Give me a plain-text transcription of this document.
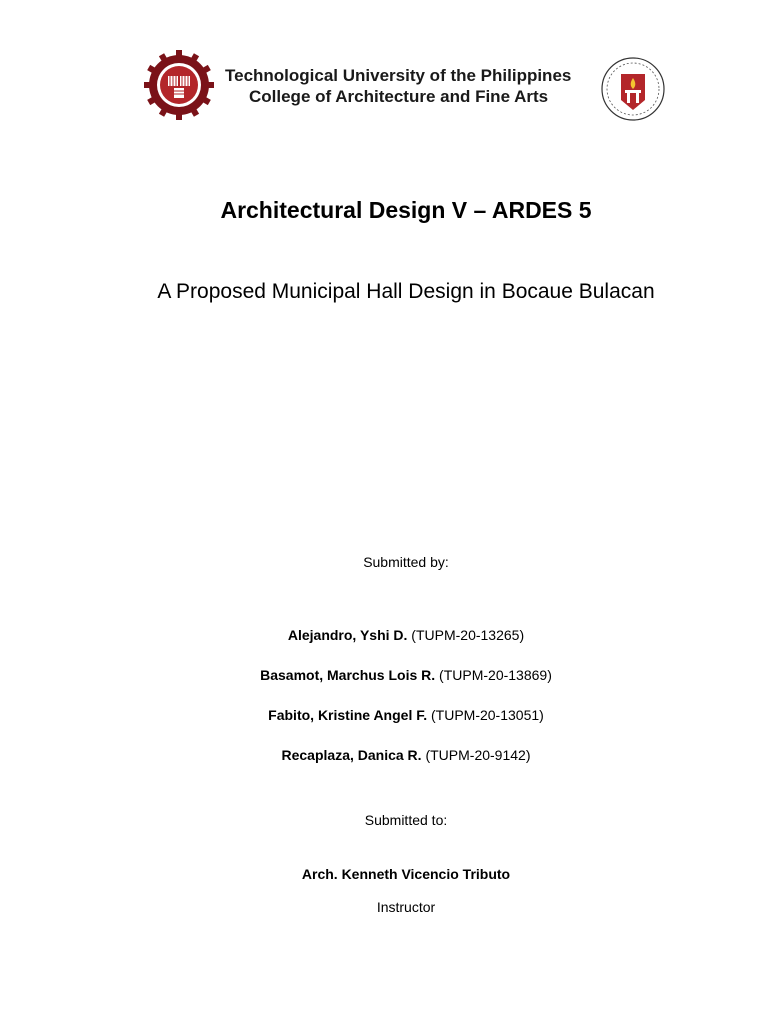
Technological University of the Philippines
College of Architecture and Fine Arts
Architectural Design V – ARDES 5
A Proposed Municipal Hall Design in Bocaue Bulacan
Submitted by:
Alejandro, Yshi D. (TUPM-20-13265)
Basamot, Marchus Lois R. (TUPM-20-13869)
Fabito, Kristine Angel F. (TUPM-20-13051)
Recaplaza, Danica R. (TUPM-20-9142)
Submitted to:
Arch. Kenneth Vicencio Tributo
Instructor
